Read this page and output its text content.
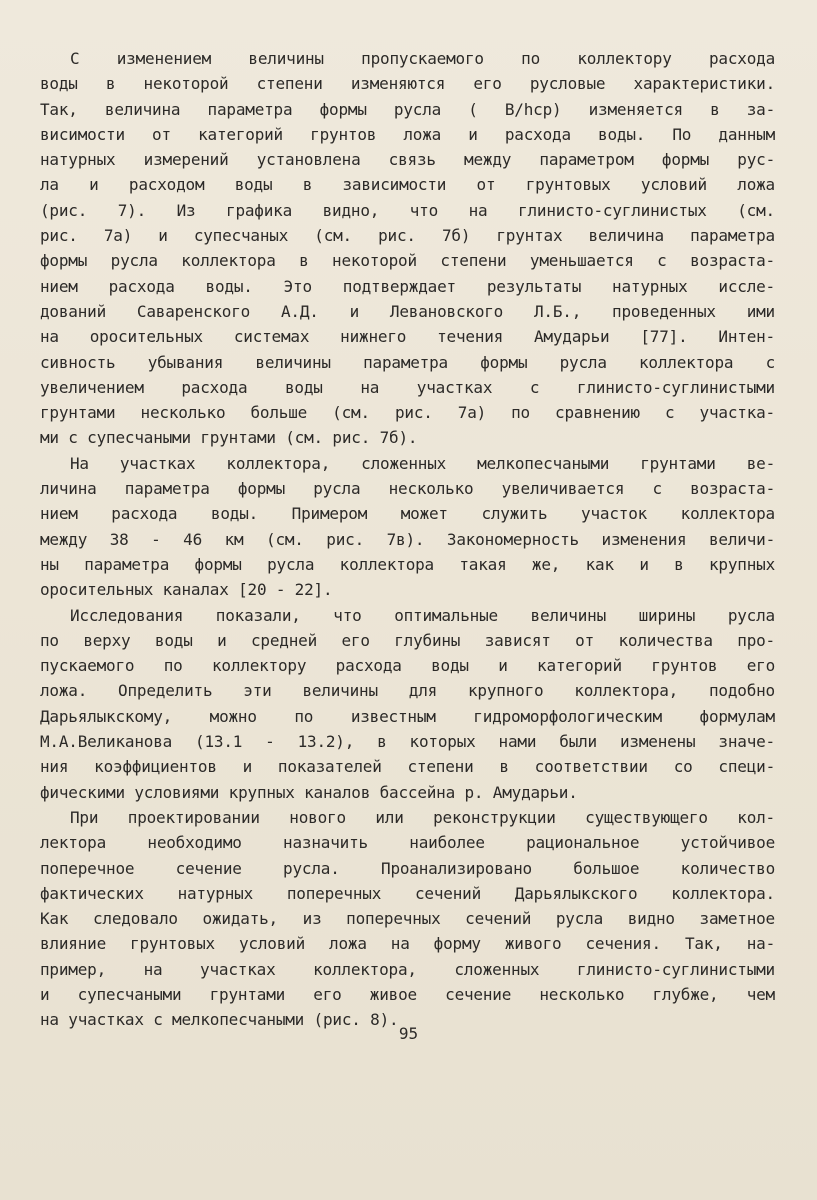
С изменением величины пропускаемого по коллектору расхода
воды в некоторой степени изменяются его русловые характеристики.
Так, величина параметра формы русла ( B/hср) изменяется в за-
висимости от категорий грунтов ложа и расхода воды. По данным
натурных измерений установлена связь между параметром формы рус-
ла и расходом воды в зависимости от грунтовых условий ложа
(рис. 7). Из графика видно, что на глинисто-суглинистых (см.
рис. 7а) и супесчаных (см. рис. 7б) грунтах величина параметра
формы русла коллектора в некоторой степени уменьшается с возраста-
нием расхода воды. Это подтверждает результаты натурных иссле-
дований Саваренского А.Д. и Левановского Л.Б., проведенных ими
на оросительных системах нижнего течения Амударьи [77]. Интен-
сивность убывания величины параметра формы русла коллектора с
увеличением расхода воды на участках с глинисто-суглинистыми
грунтами несколько больше (см. рис. 7а) по сравнению с участка-
ми с супесчаными грунтами (см. рис. 7б).
На участках коллектора, сложенных мелкопесчаными грунтами ве-
личина параметра формы русла несколько увеличивается с возраста-
нием расхода воды. Примером может служить участок коллектора
между 38 - 46 км (см. рис. 7в). Закономерность изменения величи-
ны параметра формы русла коллектора такая же, как и в крупных
оросительных каналах [20 - 22].
Исследования показали, что оптимальные величины ширины русла
по верху воды и средней его глубины зависят от количества про-
пускаемого по коллектору расхода воды и категорий грунтов его
ложа. Определить эти величины для крупного коллектора, подобно
Дарьялыкскому, можно по известным гидроморфологическим формулам
М.А.Великанова (13.1 - 13.2), в которых нами были изменены значе-
ния коэффициентов и показателей степени в соответствии со специ-
фическими условиями крупных каналов бассейна р. Амударьи.
При проектировании нового или реконструкции существующего кол-
лектора необходимо назначить наиболее рациональное устойчивое
поперечное сечение русла. Проанализировано большое количество
фактических натурных поперечных сечений Дарьялыкского коллектора.
Как следовало ожидать, из поперечных сечений русла видно заметное
влияние грунтовых условий ложа на форму живого сечения. Так, на-
пример, на участках коллектора, сложенных глинисто-суглинистыми
и супесчаными грунтами его живое сечение несколько глубже, чем
на участках с мелкопесчаными (рис. 8).
95
